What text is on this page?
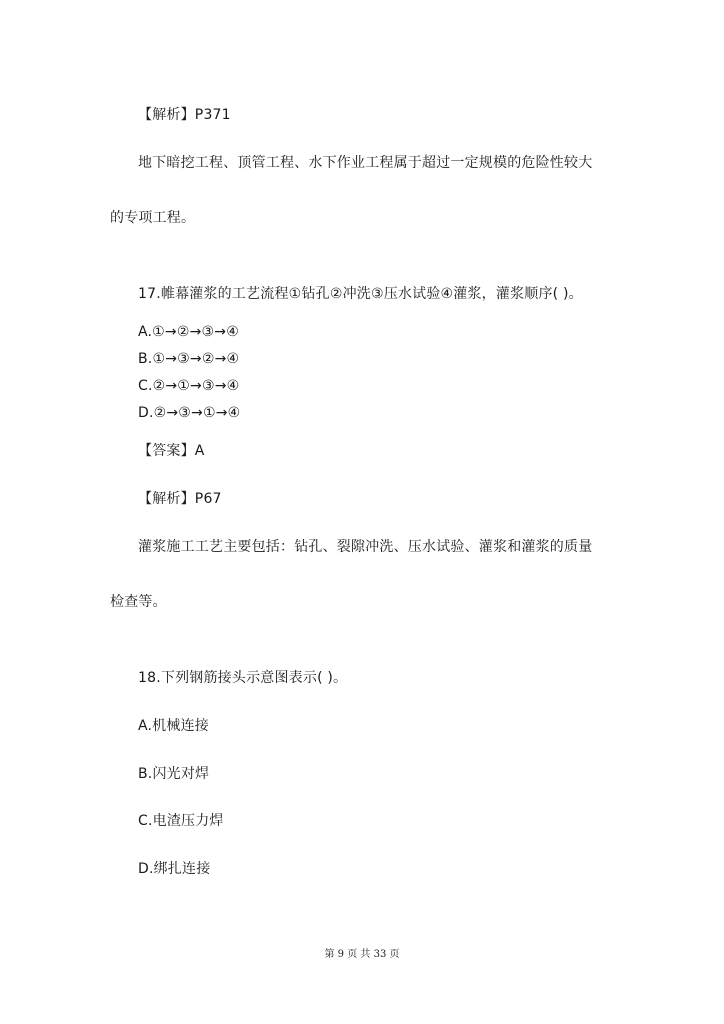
【解析】P371
地下暗挖工程、顶管工程、水下作业工程属于超过一定规模的危险性较大
的专项工程。
17.帷幕灌浆的工艺流程①钻孔②冲洗③压水试验④灌浆，灌浆顺序( )。
A.①→②→③→④
B.①→③→②→④
C.②→①→③→④
D.②→③→①→④
【答案】A
【解析】P67
灌浆施工工艺主要包括：钻孔、裂隙冲洗、压水试验、灌浆和灌浆的质量
检查等。
18.下列钢筋接头示意图表示( )。
A.机械连接
B.闪光对焊
C.电渣压力焊
D.绑扎连接
第 9 页 共 33 页
